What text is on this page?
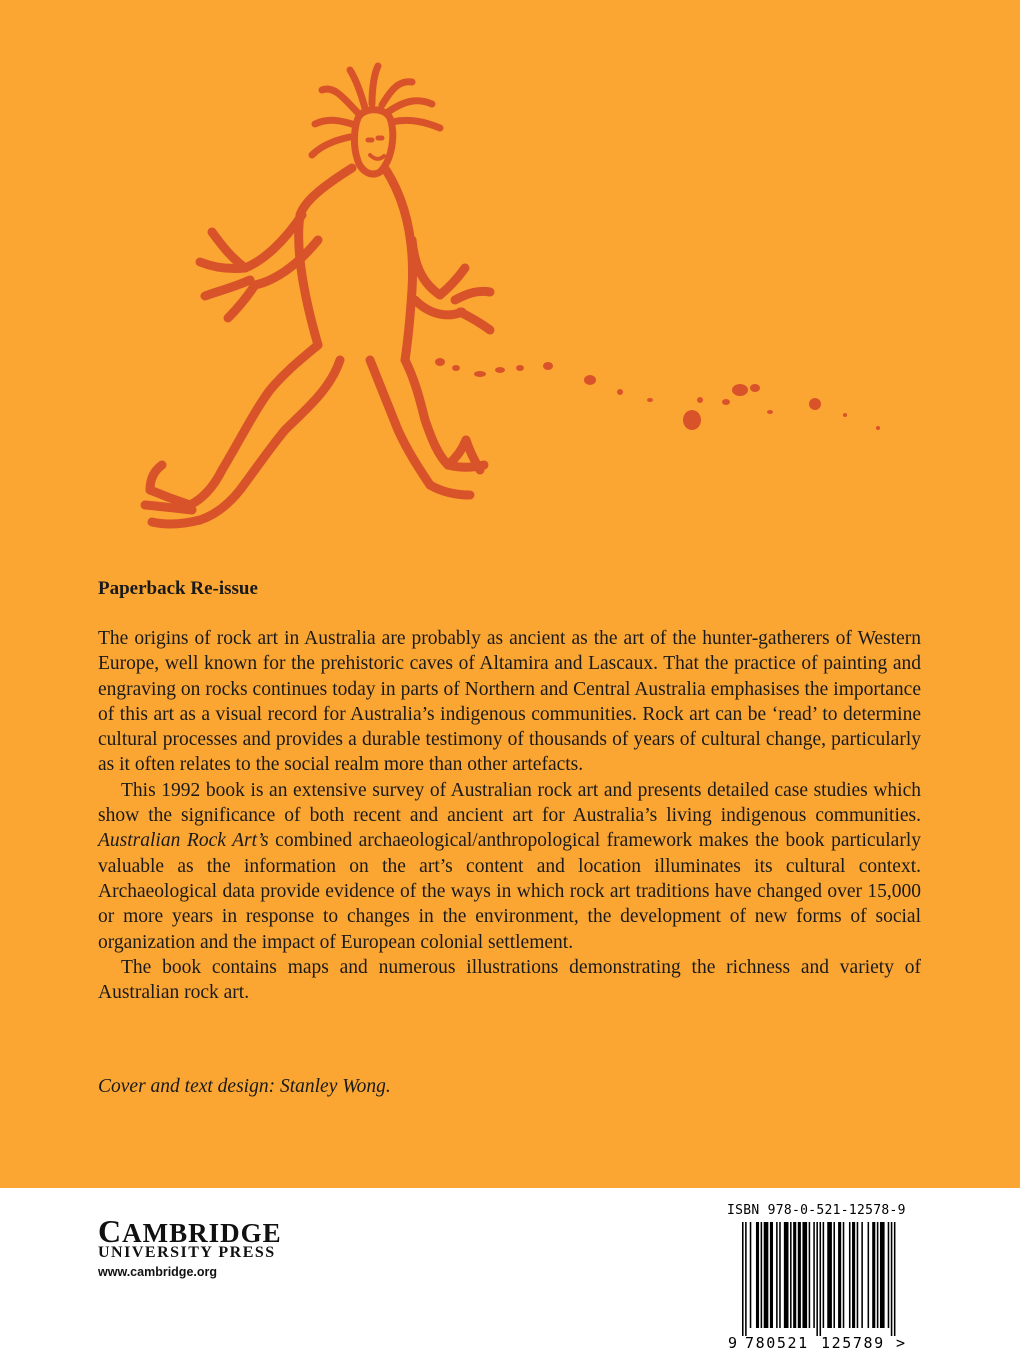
Paperback Re-issue

The origins of rock art in Australia are probably as ancient as the art of the hunter-gatherers of Western Europe, well known for the prehistoric caves of Altamira and Lascaux. That the practice of painting and engraving on rocks continues today in parts of Northern and Central Australia emphasises the importance of this art as a visual record for Australia’s indigenous communities. Rock art can be ‘read’ to determine cultural processes and provides a durable testimony of thousands of years of cultural change, particularly as it often relates to the social realm more than other artefacts.

This 1992 book is an extensive survey of Australian rock art and presents detailed case studies which show the significance of both recent and ancient art for Australia’s living indigenous communities. Australian Rock Art’s combined archaeological/anthropological framework makes the book particularly valuable as the information on the art’s content and location illuminates its cultural context. Archaeological data provide evidence of the ways in which rock art traditions have changed over 15,000 or more years in response to changes in the environment, the development of new forms of social organization and the impact of European colonial settlement.

The book contains maps and numerous illustrations demonstrating the richness and variety of Australian rock art.

Cover and text design: Stanley Wong.
CAMBRIDGE
UNIVERSITY PRESS
www.cambridge.org
ISBN 978-0-521-12578-9
9 780521 125789 >
